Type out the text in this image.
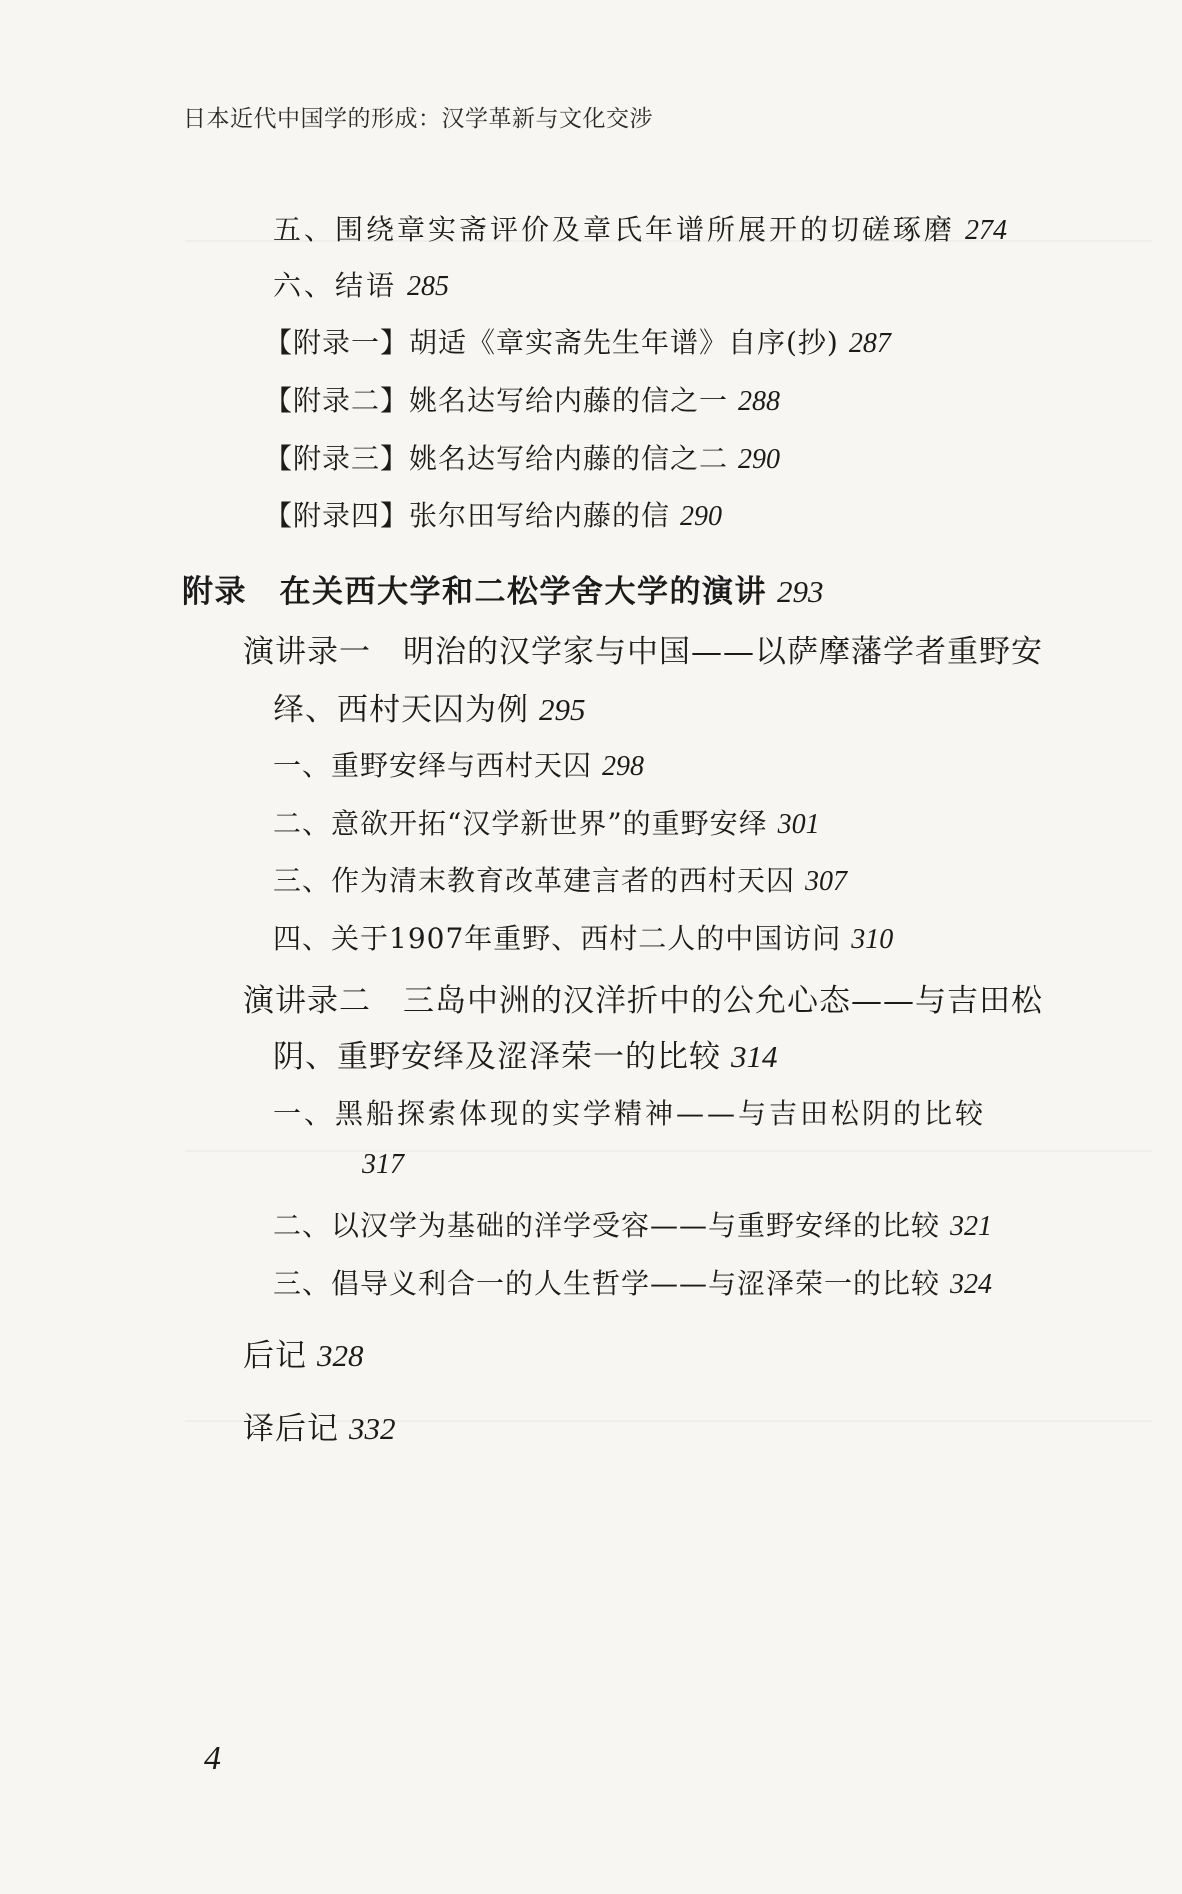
日本近代中国学的形成：汉学革新与文化交涉
五、围绕章实斋评价及章氏年谱所展开的切磋琢磨 274
六、结语 285
【附录一】胡适《章实斋先生年谱》自序(抄) 287
【附录二】姚名达写给内藤的信之一 288
【附录三】姚名达写给内藤的信之二 290
【附录四】张尔田写给内藤的信 290
附录　在关西大学和二松学舍大学的演讲 293
演讲录一　明治的汉学家与中国——以萨摩藩学者重野安
绎、西村天囚为例 295
一、重野安绎与西村天囚 298
二、意欲开拓“汉学新世界”的重野安绎 301
三、作为清末教育改革建言者的西村天囚 307
四、关于1907年重野、西村二人的中国访问 310
演讲录二　三岛中洲的汉洋折中的公允心态——与吉田松
阴、重野安绎及涩泽荣一的比较 314
一、黑船探索体现的实学精神——与吉田松阴的比较
317
二、以汉学为基础的洋学受容——与重野安绎的比较 321
三、倡导义利合一的人生哲学——与涩泽荣一的比较 324
后记 328
译后记 332
4
